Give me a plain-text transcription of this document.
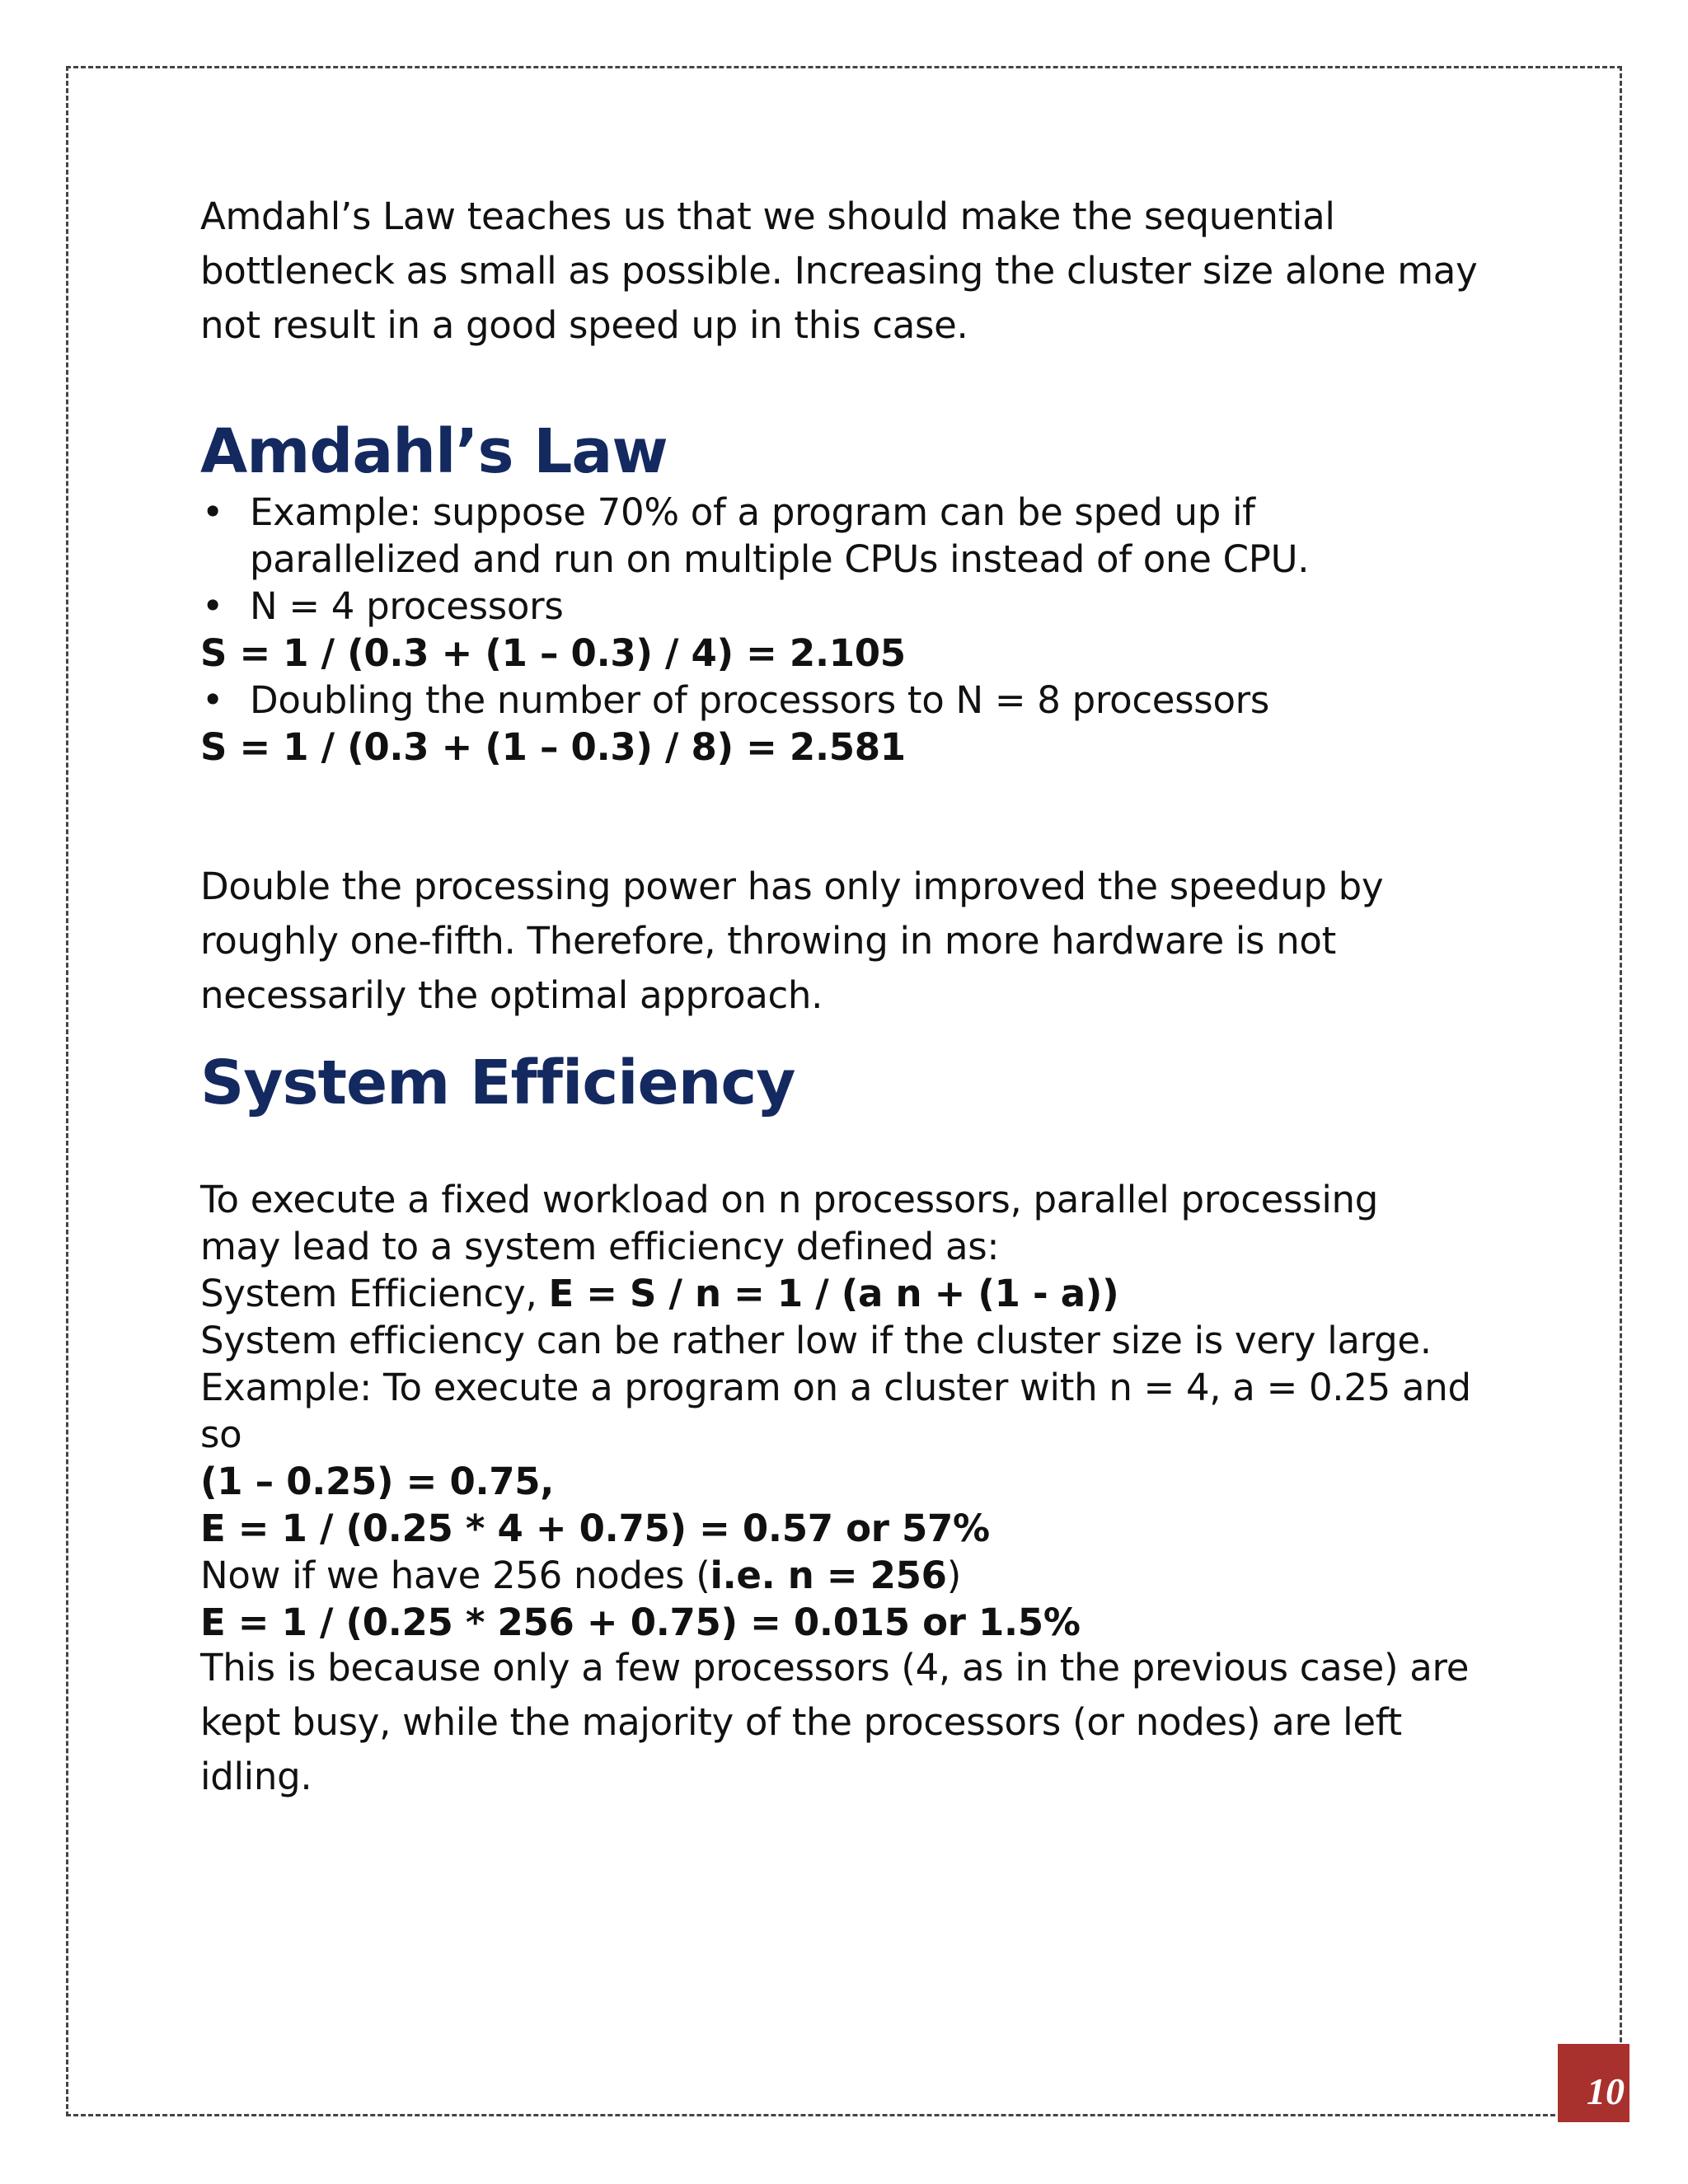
Amdahl’s Law teaches us that we should make the sequential

bottleneck as small as possible. Increasing the cluster size alone may

not result in a good speed up in this case.

Amdahl’s Law

• Example: suppose 70% of a program can be sped up if

parallelized and run on multiple CPUs instead of one CPU.

• N = 4 processors

S = 1 / (0.3 + (1 – 0.3) / 4) = 2.105

• Doubling the number of processors to N = 8 processors

S = 1 / (0.3 + (1 – 0.3) / 8) = 2.581

Double the processing power has only improved the speedup by

roughly one-fifth. Therefore, throwing in more hardware is not

necessarily the optimal approach.

System Efficiency

To execute a fixed workload on n processors, parallel processing

may lead to a system efficiency defined as:

System Efficiency, E = S / n = 1 / (a n + (1 - a))

System efficiency can be rather low if the cluster size is very large.

Example: To execute a program on a cluster with n = 4, a = 0.25 and

so

(1 – 0.25) = 0.75,

E = 1 / (0.25 * 4 + 0.75) = 0.57 or 57%

Now if we have 256 nodes (i.e. n = 256)

E = 1 / (0.25 * 256 + 0.75) = 0.015 or 1.5%

This is because only a few processors (4, as in the previous case) are

kept busy, while the majority of the processors (or nodes) are left

idling.

10
